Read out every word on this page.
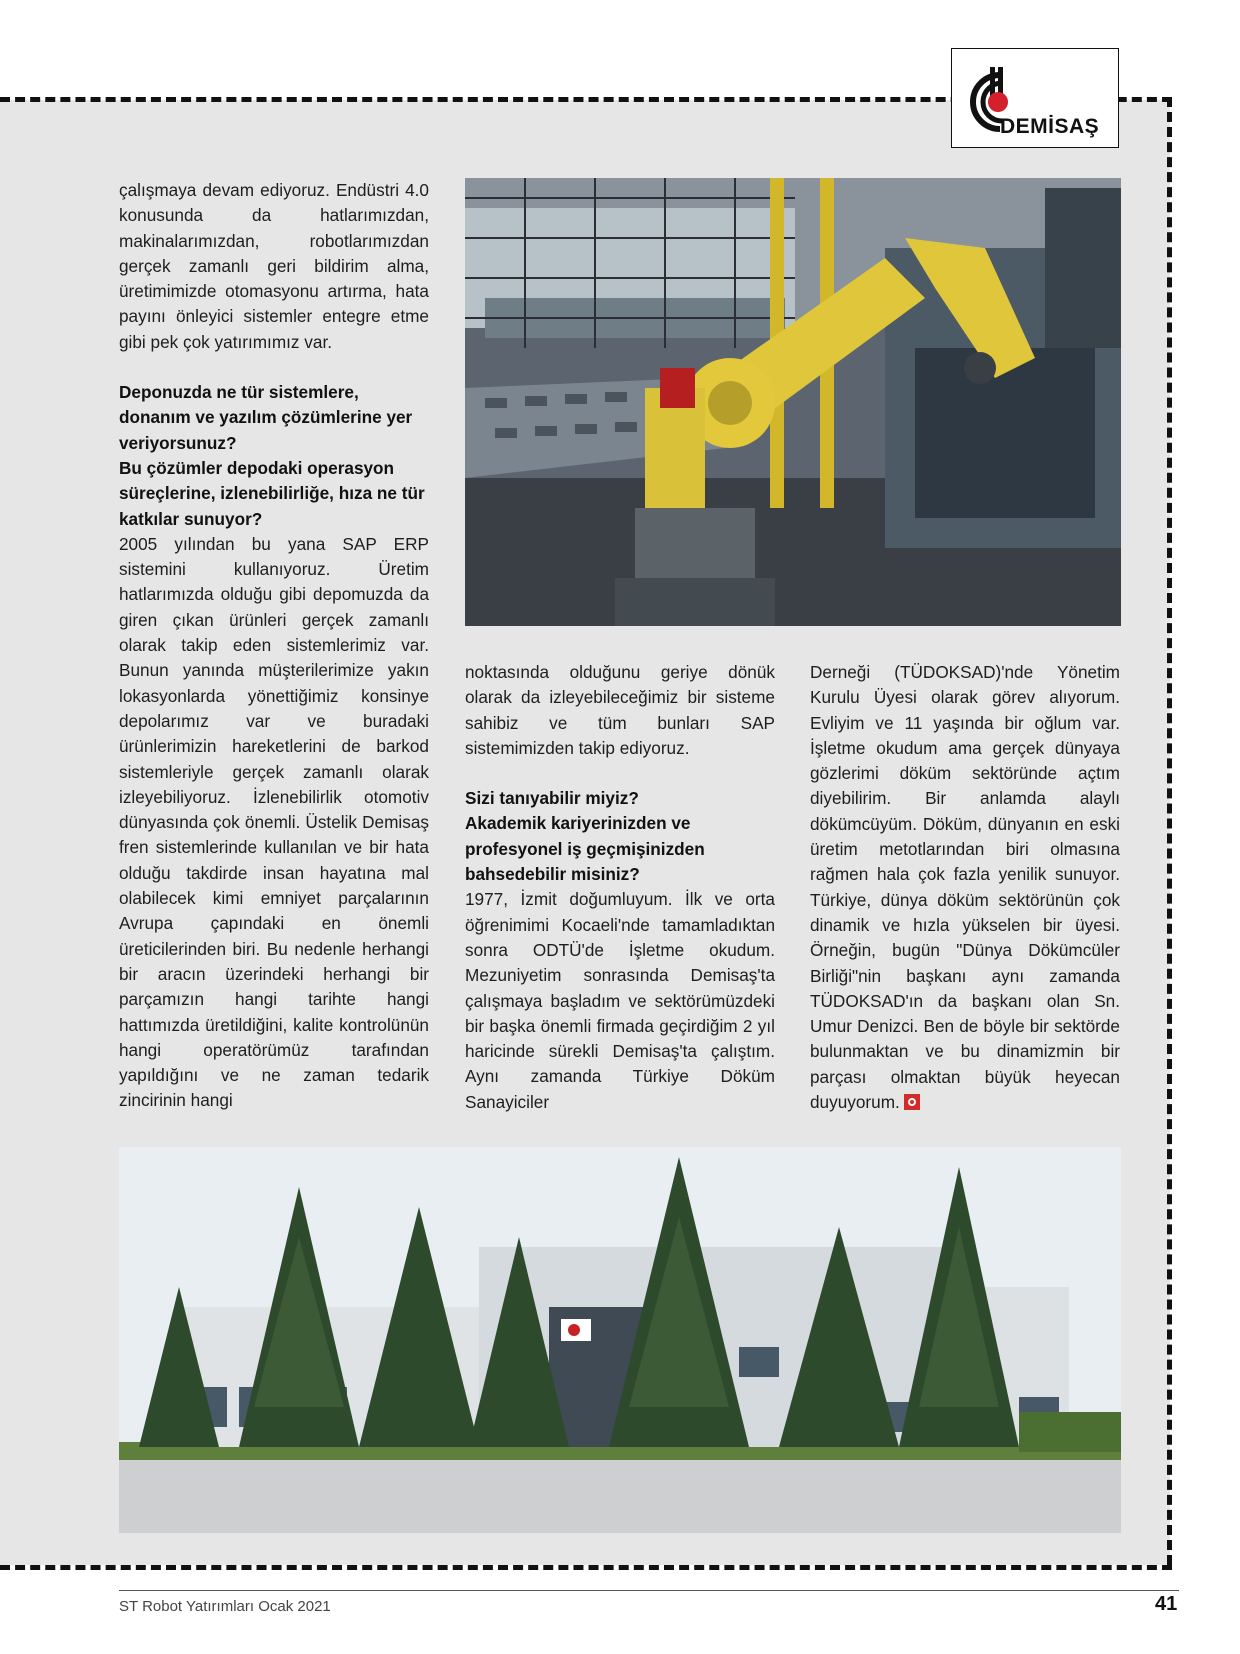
DEMİSAŞ

çalışmaya devam ediyoruz. Endüstri 4.0 konusunda da hatlarımızdan, makinalarımızdan, robotlarımızdan gerçek zamanlı geri bildirim alma, üretimimizde otomasyonu artırma, hata payını önleyici sistemler entegre etme gibi pek çok yatırımımız var.

Deponuzda ne tür sistemlere, donanım ve yazılım çözümlerine yer veriyorsunuz?
Bu çözümler depodaki operasyon süreçlerine, izlenebilirliğe, hıza ne tür katkılar sunuyor?

2005 yılından bu yana SAP ERP sistemini kullanıyoruz. Üretim hatlarımızda olduğu gibi depomuzda da giren çıkan ürünleri gerçek zamanlı olarak takip eden sistemlerimiz var. Bunun yanında müşterilerimize yakın lokasyonlarda yönettiğimiz konsinye depolarımız var ve buradaki ürünlerimizin hareketlerini de barkod sistemleriyle gerçek zamanlı olarak izleyebiliyoruz. İzlenebilirlik otomotiv dünyasında çok önemli. Üstelik Demisaş fren sistemlerinde kullanılan ve bir hata olduğu takdirde insan hayatına mal olabilecek kimi emniyet parçalarının Avrupa çapındaki en önemli üreticilerinden biri. Bu nedenle herhangi bir aracın üzerindeki herhangi bir parçamızın hangi tarihte hangi hattımızda üretildiğini, kalite kontrolünün hangi operatörümüz tarafından yapıldığını ve ne zaman tedarik zincirinin hangi

noktasında olduğunu geriye dönük olarak da izleyebileceğimiz bir sisteme sahibiz ve tüm bunları SAP sistemimizden takip ediyoruz.

Sizi tanıyabilir miyiz?
Akademik kariyerinizden ve profesyonel iş geçmişinizden bahsedebilir misiniz?

1977, İzmit doğumluyum. İlk ve orta öğrenimimi Kocaeli'nde tamamladıktan sonra ODTÜ'de İşletme okudum. Mezuniyetim sonrasında Demisaş'ta çalışmaya başladım ve sektörümüzdeki bir başka önemli firmada geçirdiğim 2 yıl haricinde sürekli Demisaş'ta çalıştım. Aynı zamanda Türkiye Döküm Sanayiciler

Derneği (TÜDOKSAD)'nde Yönetim Kurulu Üyesi olarak görev alıyorum. Evliyim ve 11 yaşında bir oğlum var. İşletme okudum ama gerçek dünyaya gözlerimi döküm sektöründe açtım diyebilirim. Bir anlamda alaylı dökümcüyüm. Döküm, dünyanın en eski üretim metotlarından biri olmasına rağmen hala çok fazla yenilik sunuyor. Türkiye, dünya döküm sektörünün çok dinamik ve hızla yükselen bir üyesi. Örneğin, bugün "Dünya Dökümcüler Birliği"nin başkanı aynı zamanda TÜDOKSAD'ın da başkanı olan Sn. Umur Denizci. Ben de böyle bir sektörde bulunmaktan ve bu dinamizmin bir parçası olmaktan büyük heyecan duyuyorum.

ST Robot Yatırımları Ocak 2021	41
